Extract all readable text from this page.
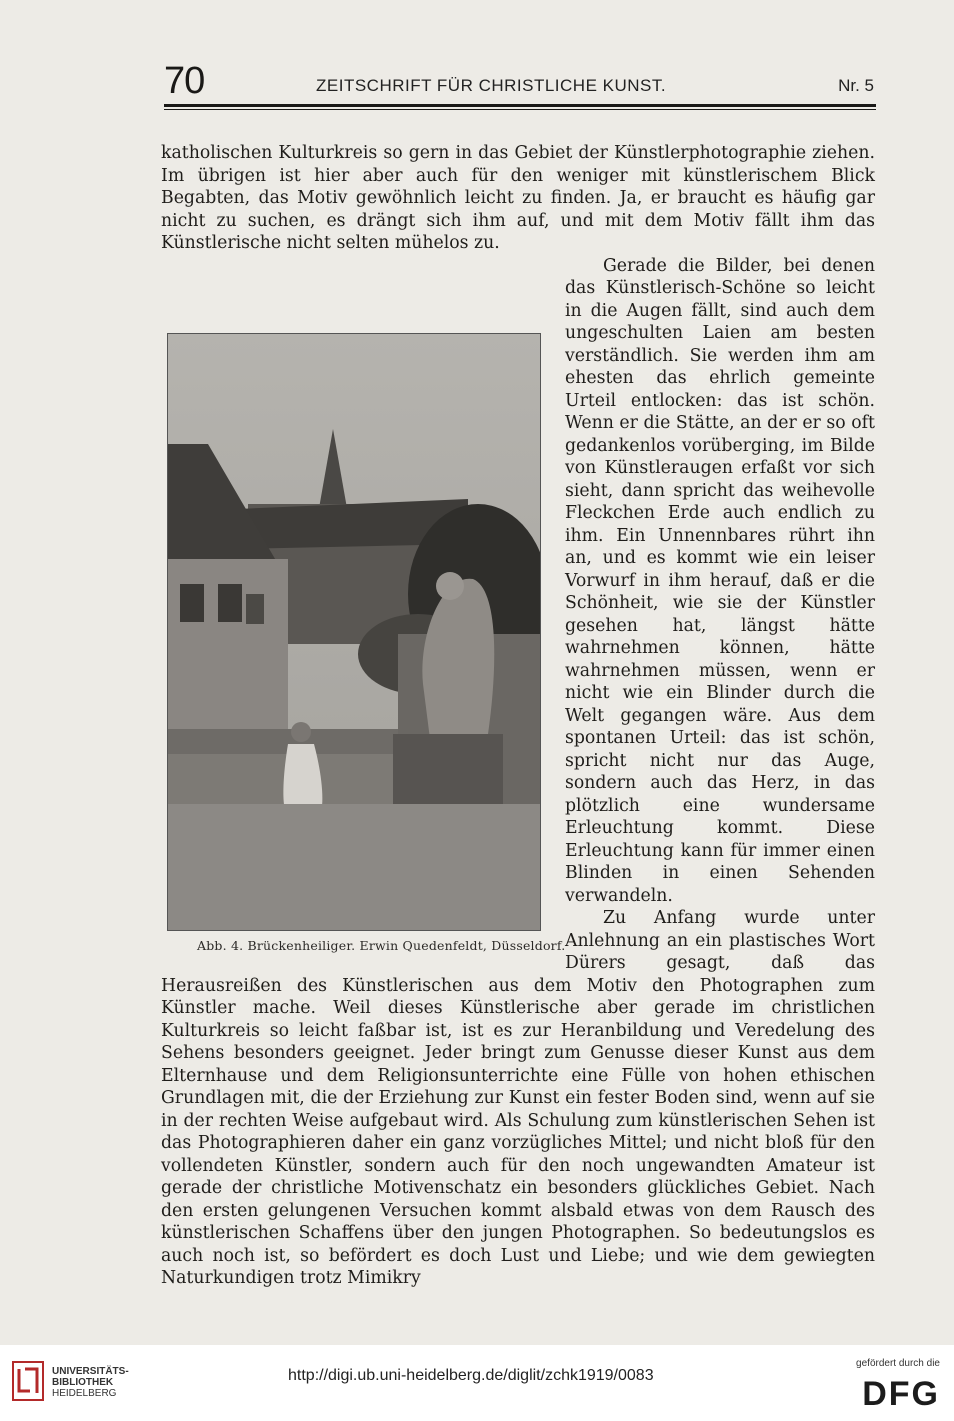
70	ZEITSCHRIFT FÜR CHRISTLICHE KUNST.	Nr. 5

katholischen Kulturkreis so gern in das Gebiet der Künstlerphotographie ziehen. Im übrigen ist hier aber auch für den weniger mit künstlerischem Blick Begabten, das Motiv gewöhnlich leicht zu finden. Ja, er braucht es häufig gar nicht zu suchen, es drängt sich ihm auf, und mit dem Motiv fällt ihm das Künstlerische nicht selten mühelos zu.

Abb. 4. Brückenheiliger. Erwin Quedenfeldt, Düsseldorf.
Gerade die Bilder, bei denen das Künstlerisch-Schöne so leicht in die Augen fällt, sind auch dem ungeschulten Laien am besten verständlich. Sie werden ihm am ehesten das ehrlich gemeinte Urteil entlocken: das ist schön. Wenn er die Stätte, an der er so oft gedankenlos vorüberging, im Bilde von Künstleraugen erfaßt vor sich sieht, dann spricht das weihevolle Fleckchen Erde auch endlich zu ihm. Ein Unnennbares rührt ihn an, und es kommt wie ein leiser Vorwurf in ihm herauf, daß er die Schönheit, wie sie der Künstler gesehen hat, längst hätte wahrnehmen können, hätte wahrnehmen müssen, wenn er nicht wie ein Blinder durch die Welt gegangen wäre. Aus dem spontanen Urteil: das ist schön, spricht nicht nur das Auge, sondern auch das Herz, in das plötzlich eine wundersame Erleuchtung kommt. Diese Erleuchtung kann für immer einen Blinden in einen Sehenden verwandeln.

Zu Anfang wurde unter Anlehnung an ein plastisches Wort Dürers gesagt, daß das Herausreißen des Künstlerischen aus dem Motiv den Photographen zum Künstler mache. Weil dieses Künstlerische aber gerade im christlichen Kulturkreis so leicht faßbar ist, ist es zur Heranbildung und Veredelung des Sehens besonders geeignet. Jeder bringt zum Genusse dieser Kunst aus dem Elternhause und dem Religionsunterrichte eine Fülle von hohen ethischen Grundlagen mit, die der Erziehung zur Kunst ein fester Boden sind, wenn auf sie in der rechten Weise aufgebaut wird. Als Schulung zum künstlerischen Sehen ist das Photographieren daher ein ganz vorzügliches Mittel; und nicht bloß für den vollendeten Künstler, sondern auch für den noch ungewandten Amateur ist gerade der christliche Motivenschatz ein besonders glückliches Gebiet. Nach den ersten gelungenen Versuchen kommt alsbald etwas von dem Rausch des künstlerischen Schaffens über den jungen Photographen. So bedeutungslos es auch noch ist, so befördert es doch Lust und Liebe; und wie dem gewiegten Naturkundigen trotz Mimikry

UNIVERSITÄTS-
BIBLIOTHEK
HEIDELBERG
http://digi.ub.uni-heidelberg.de/diglit/zchk1919/0083
gefördert durch die
DFG
